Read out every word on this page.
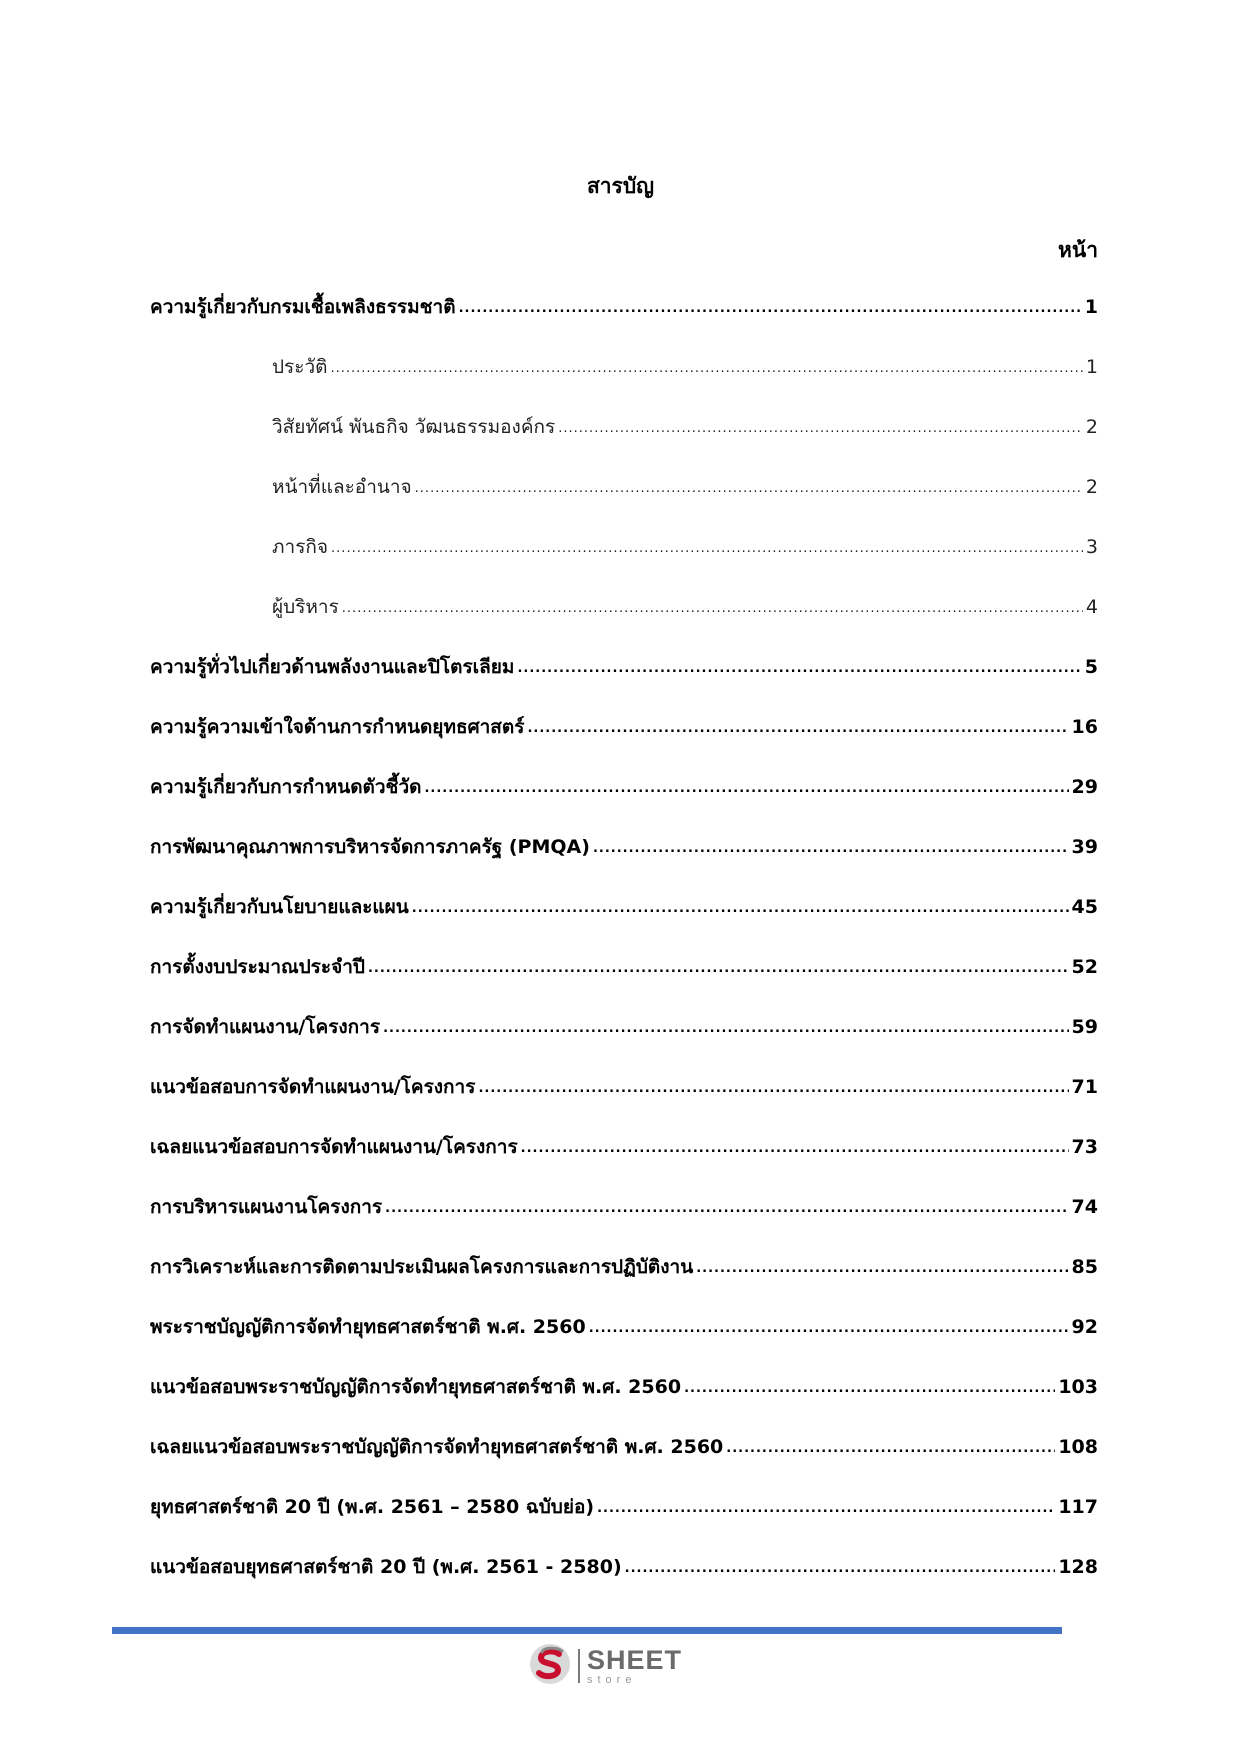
สารบัญ
หน้า
ความรู้เกี่ยวกับกรมเชื้อเพลิงธรรมชาติ .....	1
ประวัติ .....	1
วิสัยทัศน์ พันธกิจ วัฒนธรรมองค์กร .....	2
หน้าที่และอำนาจ .....	2
ภารกิจ .....	3
ผู้บริหาร .....	4
ความรู้ทั่วไปเกี่ยวด้านพลังงานและปิโตรเลียม .....	5
ความรู้ความเข้าใจด้านการกำหนดยุทธศาสตร์ .....	16
ความรู้เกี่ยวกับการกำหนดตัวชี้วัด .....	29
การพัฒนาคุณภาพการบริหารจัดการภาครัฐ (PMQA) .....	39
ความรู้เกี่ยวกับนโยบายและแผน .....	45
การตั้งงบประมาณประจำปี .....	52
การจัดทำแผนงาน/โครงการ .....	59
แนวข้อสอบการจัดทำแผนงาน/โครงการ .....	71
เฉลยแนวข้อสอบการจัดทำแผนงาน/โครงการ .....	73
การบริหารแผนงานโครงการ .....	74
การวิเคราะห์และการติดตามประเมินผลโครงการและการปฏิบัติงาน .....	85
พระราชบัญญัติการจัดทำยุทธศาสตร์ชาติ พ.ศ. 2560 .....	92
แนวข้อสอบพระราชบัญญัติการจัดทำยุทธศาสตร์ชาติ พ.ศ. 2560 .....	103
เฉลยแนวข้อสอบพระราชบัญญัติการจัดทำยุทธศาสตร์ชาติ พ.ศ. 2560 .....	108
ยุทธศาสตร์ชาติ 20 ปี (พ.ศ. 2561 – 2580 ฉบับย่อ) .....	117
แนวข้อสอบยุทธศาสตร์ชาติ 20 ปี (พ.ศ. 2561 - 2580) .....	128
SHEET
store
